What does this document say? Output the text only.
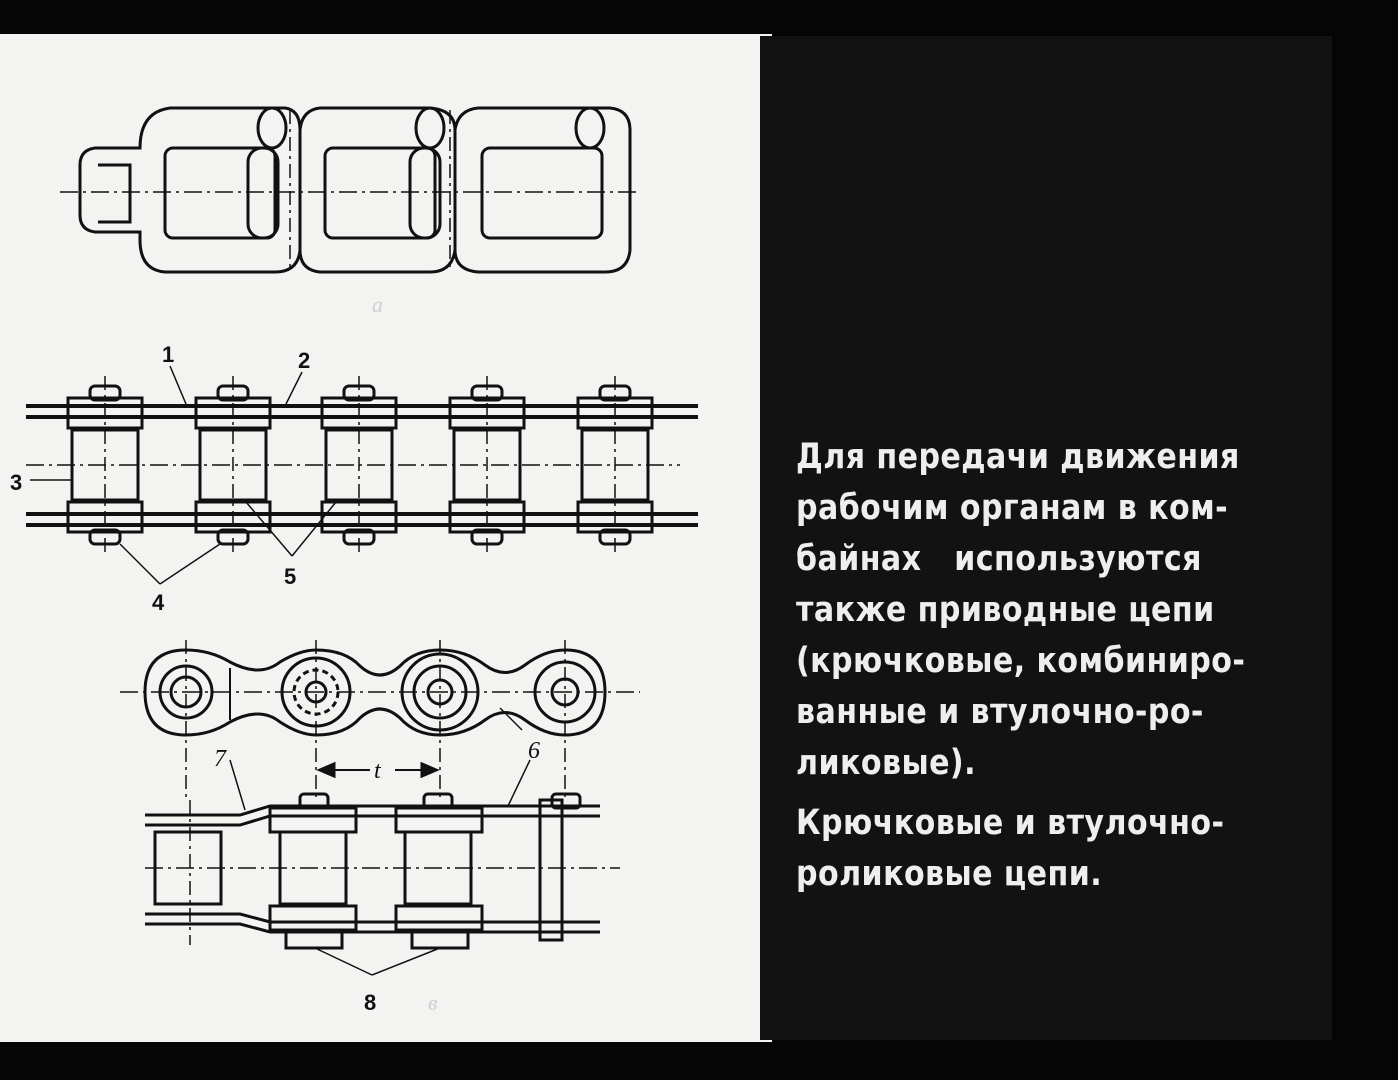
a
1	2
3
4
5
6
7	t
8 в
Для передачи движения
рабочим органам в ком-
байнах   используются
также приводные цепи
(крючковые, комбиниро-
ванные и втулочно-ро-
ликовые).
Крючковые и втулочно-
роликовые цепи.
